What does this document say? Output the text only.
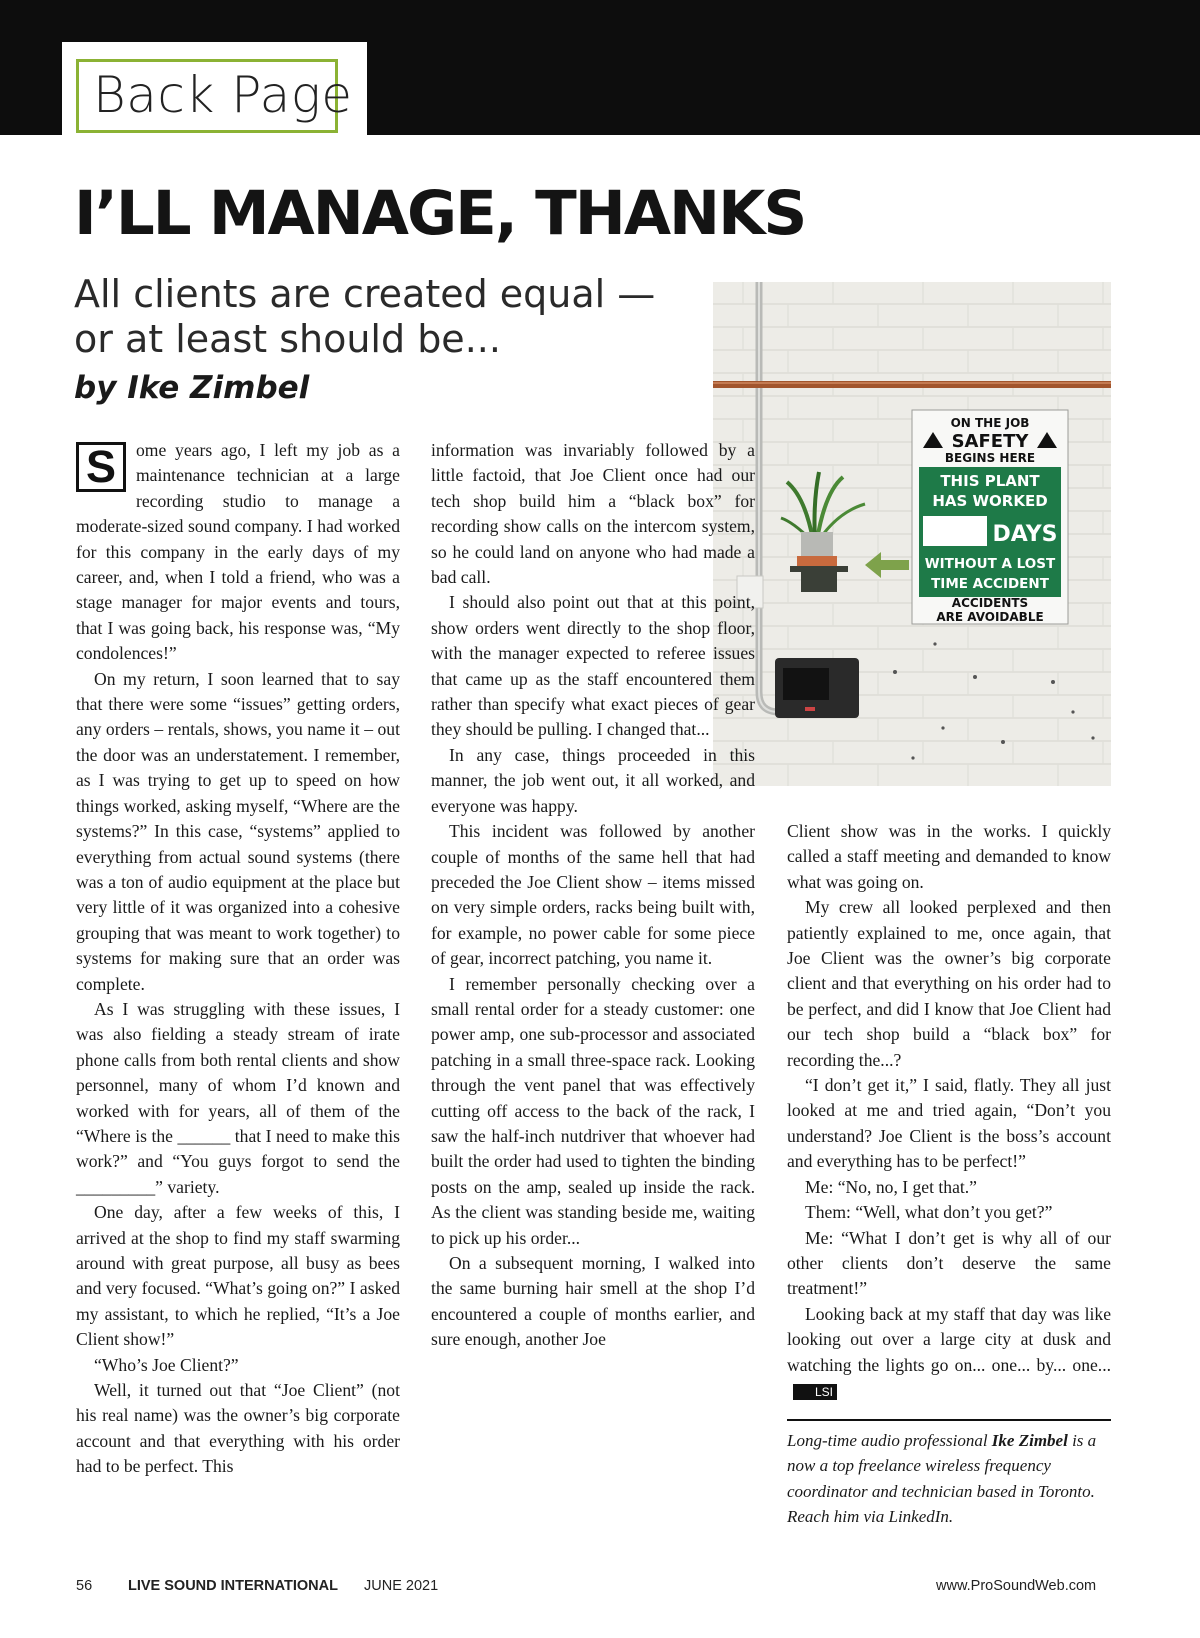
Back Page
I’LL MANAGE, THANKS
All clients are created equal —
or at least should be...
by Ike Zimbel
ON THE JOB
SAFETY
BEGINS HERE
THIS PLANT
HAS WORKED
DAYS
WITHOUT A LOST
TIME ACCIDENT
ACCIDENTS
ARE AVOIDABLE
S	ome years ago, I left my job as a maintenance technician at a large recording studio to manage a moderate-sized sound company. I had worked for this company in the early days of my career, and, when I told a friend, who was a stage manager for major events and tours, that I was going back, his response was, “My condolences!”

On my return, I soon learned that to say that there were some “issues” getting orders, any orders – rentals, shows, you name it – out the door was an understatement. I remember, as I was trying to get up to speed on how things worked, asking myself, “Where are the systems?” In this case, “systems” applied to everything from actual sound systems (there was a ton of audio equipment at the place but very little of it was organized into a cohesive grouping that was meant to work together) to systems for making sure that an order was complete.

As I was struggling with these issues, I was also fielding a steady stream of irate phone calls from both rental clients and show personnel, many of whom I’d known and worked with for years, all of them of the “Where is the ______ that I need to make this work?” and “You guys forgot to send the _________” variety.

One day, after a few weeks of this, I arrived at the shop to find my staff swarming around with great purpose, all busy as bees and very focused. “What’s going on?” I asked my assistant, to which he replied, “It’s a Joe Client show!”

“Who’s Joe Client?”

Well, it turned out that “Joe Client” (not his real name) was the owner’s big corporate account and that everything with his order had to be perfect. This

information was invariably followed by a little factoid, that Joe Client once had our tech shop build him a “black box” for recording show calls on the intercom system, so he could land on anyone who had made a bad call.

I should also point out that at this point, show orders went directly to the shop floor, with the manager expected to referee issues that came up as the staff encountered them rather than specify what exact pieces of gear they should be pulling. I changed that...

In any case, things proceeded in this manner, the job went out, it all worked, and everyone was happy.

This incident was followed by another couple of months of the same hell that had preceded the Joe Client show – items missed on very simple orders, racks being built with, for example, no power cable for some piece of gear, incorrect patching, you name it.

I remember personally checking over a small rental order for a steady customer: one power amp, one sub-processor and associated patching in a small three-space rack. Looking through the vent panel that was effectively cutting off access to the back of the rack, I saw the half-inch nutdriver that whoever had built the order had used to tighten the binding posts on the amp, sealed up inside the rack. As the client was standing beside me, waiting to pick up his order...

On a subsequent morning, I walked into the same burning hair smell at the shop I’d encountered a couple of months earlier, and sure enough, another Joe

Client show was in the works. I quickly called a staff meeting and demanded to know what was going on.

My crew all looked perplexed and then patiently explained to me, once again, that Joe Client was the owner’s big corporate client and that everything on his order had to be perfect, and did I know that Joe Client had our tech shop build a “black box” for recording the...?

“I don’t get it,” I said, flatly. They all just looked at me and tried again, “Don’t you understand? Joe Client is the boss’s account and everything has to be perfect!”

Me: “No, no, I get that.”

Them: “Well, what don’t you get?”

Me: “What I don’t get is why all of our other clients don’t deserve the same treatment!”

Looking back at my staff that day was like looking out over a large city at dusk and watching the lights go on... one... by... one...LSI

Long-time audio professional Ike Zimbel is a now a top freelance wireless frequency coordinator and technician based in Toronto. Reach him via LinkedIn.
56 LIVE SOUND INTERNATIONAL JUNE 2021	www.ProSoundWeb.com
